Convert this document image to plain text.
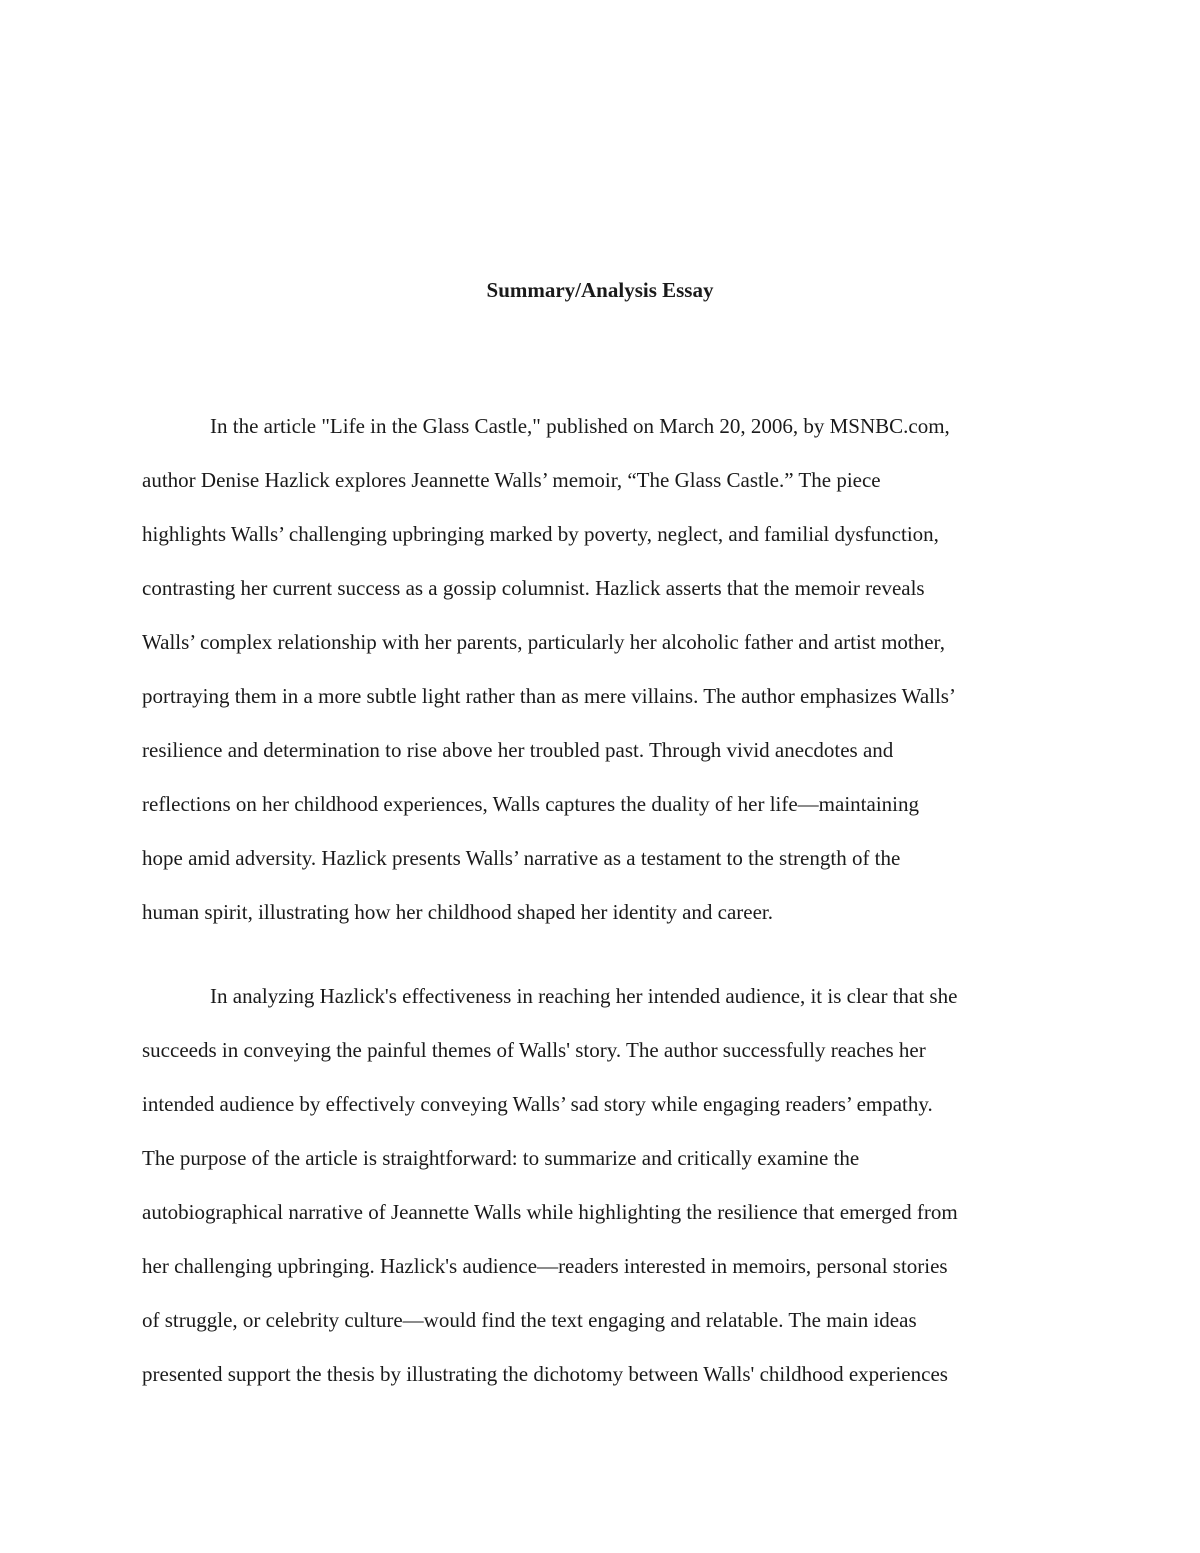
Summary/Analysis Essay

In the article "Life in the Glass Castle," published on March 20, 2006, by MSNBC.com,
author Denise Hazlick explores Jeannette Walls’ memoir, “The Glass Castle.” The piece
highlights Walls’ challenging upbringing marked by poverty, neglect, and familial dysfunction,
contrasting her current success as a gossip columnist. Hazlick asserts that the memoir reveals
Walls’ complex relationship with her parents, particularly her alcoholic father and artist mother,
portraying them in a more subtle light rather than as mere villains. The author emphasizes Walls’
resilience and determination to rise above her troubled past. Through vivid anecdotes and
reflections on her childhood experiences, Walls captures the duality of her life—maintaining
hope amid adversity. Hazlick presents Walls’ narrative as a testament to the strength of the
human spirit, illustrating how her childhood shaped her identity and career.

In analyzing Hazlick's effectiveness in reaching her intended audience, it is clear that she
succeeds in conveying the painful themes of Walls' story. The author successfully reaches her
intended audience by effectively conveying Walls’ sad story while engaging readers’ empathy.
The purpose of the article is straightforward: to summarize and critically examine the
autobiographical narrative of Jeannette Walls while highlighting the resilience that emerged from
her challenging upbringing. Hazlick's audience—readers interested in memoirs, personal stories
of struggle, or celebrity culture—would find the text engaging and relatable. The main ideas
presented support the thesis by illustrating the dichotomy between Walls' childhood experiences
